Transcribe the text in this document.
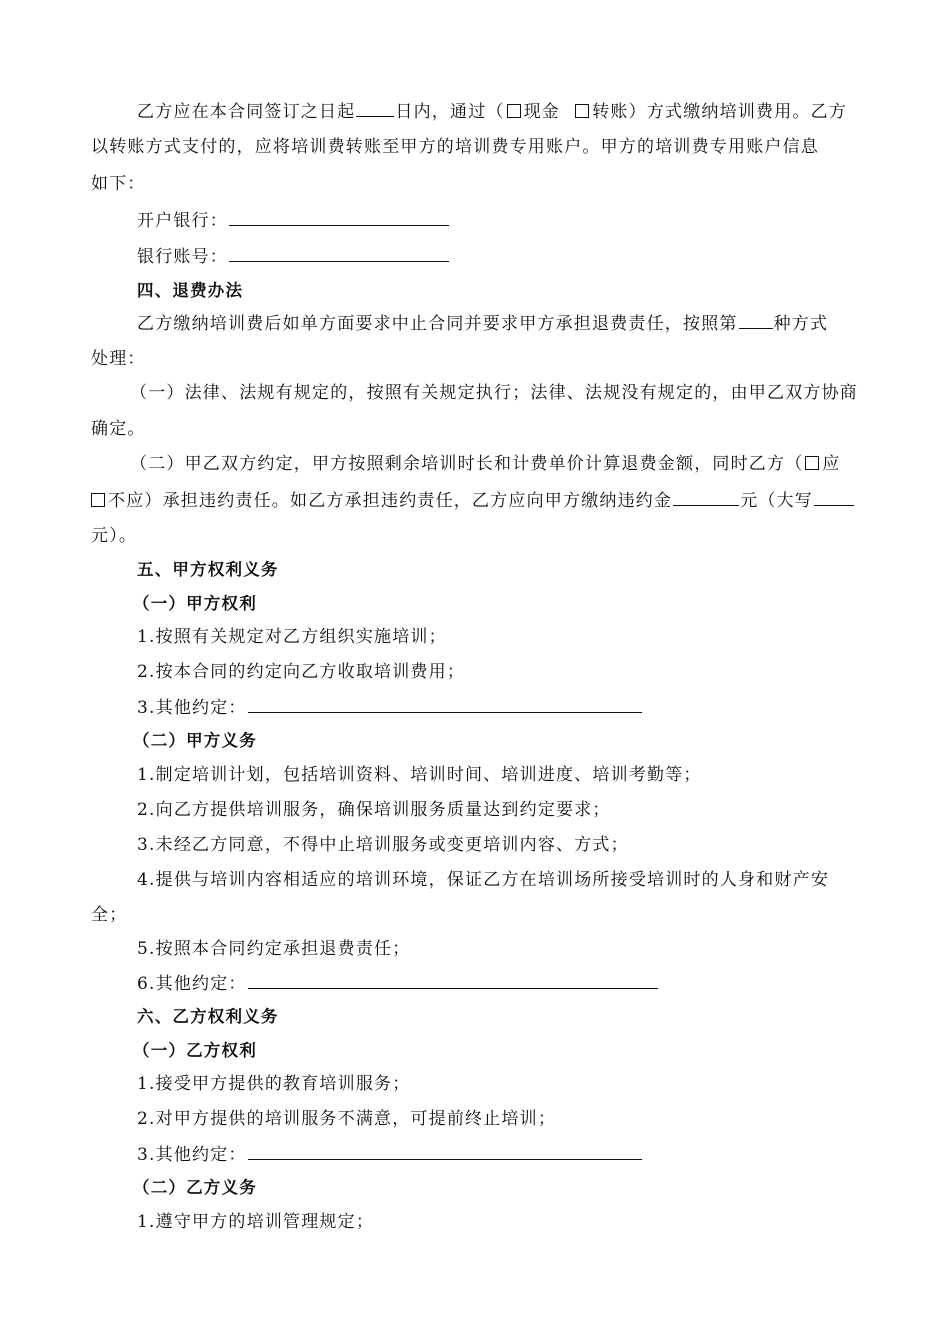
乙方应在本合同签订之日起 日内，通过（ 现金 转账）方式缴纳培训费用。乙方
以转账方式支付的，应将培训费转账至甲方的培训费专用账户。甲方的培训费专用账户信息
如下：
开户银行：
银行账号：
四、退费办法
乙方缴纳培训费后如单方面要求中止合同并要求甲方承担退费责任，按照第 种方式
处理：
（一）法律、法规有规定的，按照有关规定执行；法律、法规没有规定的，由甲乙双方协商
确定。
（二）甲乙双方约定，甲方按照剩余培训时长和计费单价计算退费金额，同时乙方（ 应
不应）承担违约责任。如乙方承担违约责任，乙方应向甲方缴纳违约金	元（大写
元）。
五、甲方权利义务
（一）甲方权利
1.按照有关规定对乙方组织实施培训；
2.按本合同的约定向乙方收取培训费用；
3.其他约定：
（二）甲方义务
1.制定培训计划，包括培训资料、培训时间、培训进度、培训考勤等；
2.向乙方提供培训服务，确保培训服务质量达到约定要求；
3.未经乙方同意，不得中止培训服务或变更培训内容、方式；
4.提供与培训内容相适应的培训环境，保证乙方在培训场所接受培训时的人身和财产安
全；
5.按照本合同约定承担退费责任；
6.其他约定：
六、乙方权利义务
（一）乙方权利
1.接受甲方提供的教育培训服务；
2.对甲方提供的培训服务不满意，可提前终止培训；
3.其他约定：
（二）乙方义务
1.遵守甲方的培训管理规定；
